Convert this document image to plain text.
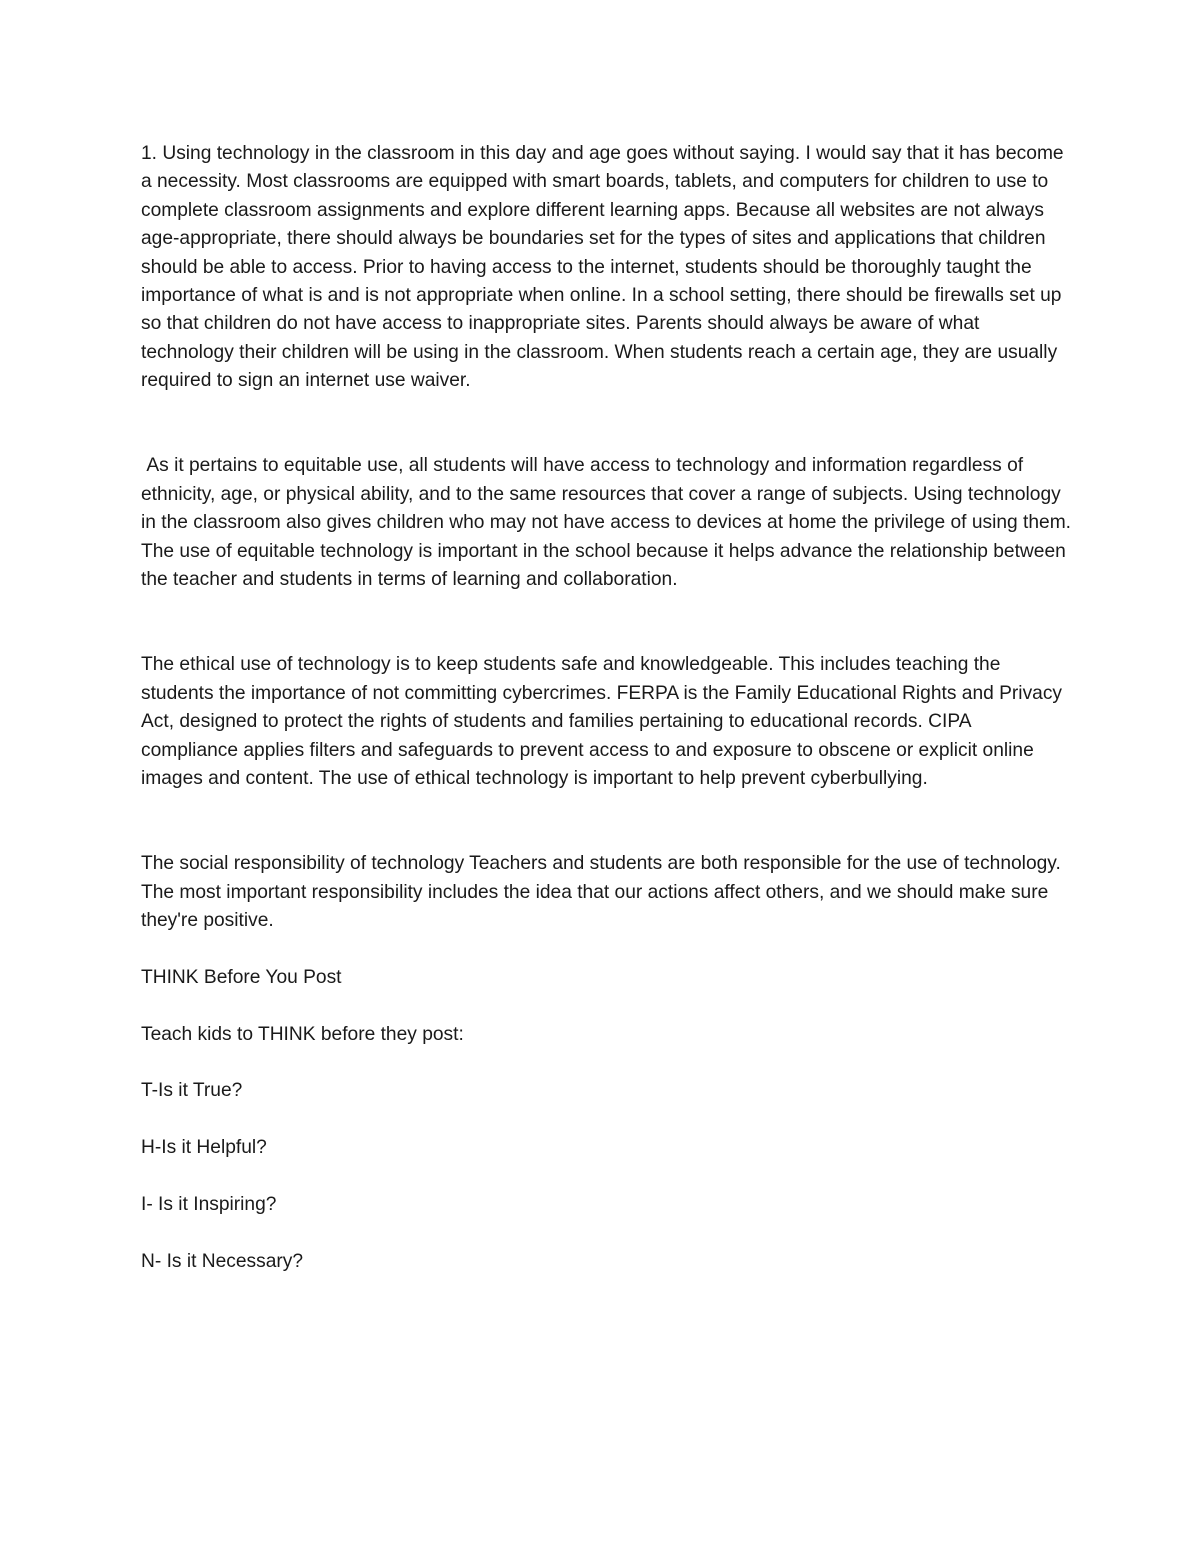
1. Using technology in the classroom in this day and age goes without saying. I would say that it has become a necessity. Most classrooms are equipped with smart boards, tablets, and computers for children to use to complete classroom assignments and explore different learning apps. Because all websites are not always age-appropriate, there should always be boundaries set for the types of sites and applications that children should be able to access. Prior to having access to the internet, students should be thoroughly taught the importance of what is and is not appropriate when online. In a school setting, there should be firewalls set up so that children do not have access to inappropriate sites. Parents should always be aware of what technology their children will be using in the classroom. When students reach a certain age, they are usually required to sign an internet use waiver.

As it pertains to equitable use, all students will have access to technology and information regardless of ethnicity, age, or physical ability, and to the same resources that cover a range of subjects. Using technology in the classroom also gives children who may not have access to devices at home the privilege of using them. The use of equitable technology is important in the school because it helps advance the relationship between the teacher and students in terms of learning and collaboration.

The ethical use of technology is to keep students safe and knowledgeable. This includes teaching the students the importance of not committing cybercrimes. FERPA is the Family Educational Rights and Privacy Act, designed to protect the rights of students and families pertaining to educational records. CIPA compliance applies filters and safeguards to prevent access to and exposure to obscene or explicit online images and content. The use of ethical technology is important to help prevent cyberbullying.

The social responsibility of technology Teachers and students are both responsible for the use of technology. The most important responsibility includes the idea that our actions affect others, and we should make sure they're positive.

THINK Before You Post

Teach kids to THINK before they post:

T-Is it True?

H-Is it Helpful?

I- Is it Inspiring?

N- Is it Necessary?
